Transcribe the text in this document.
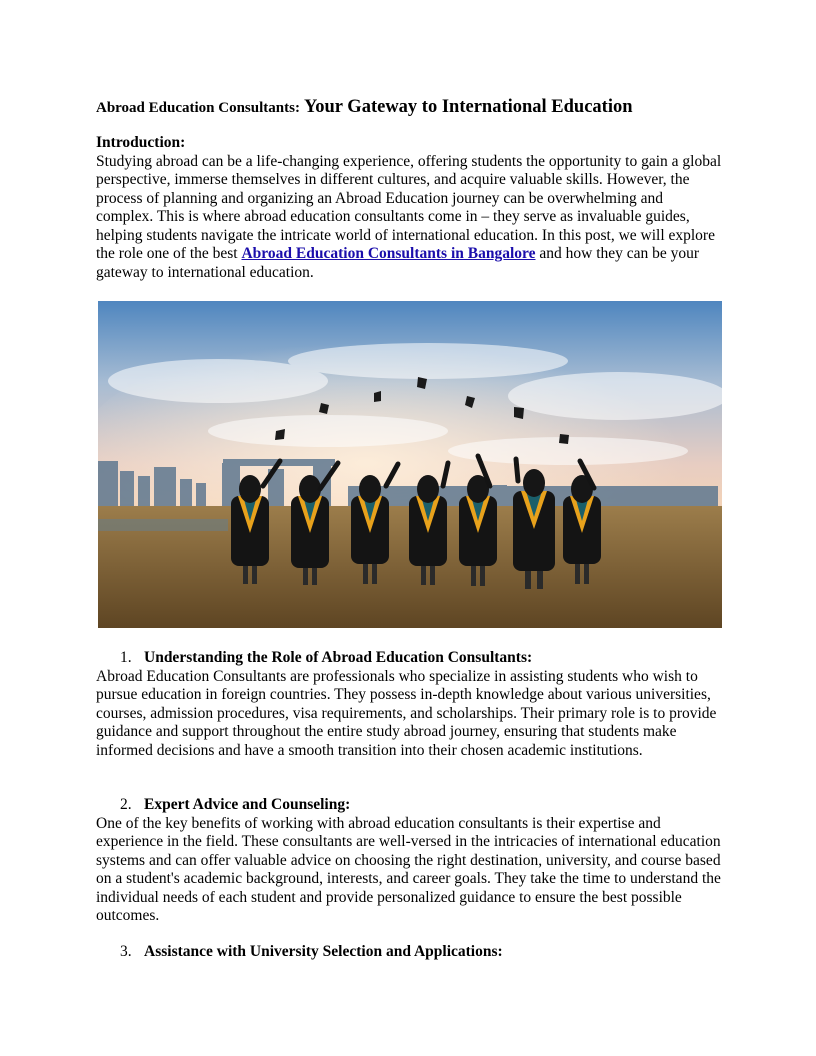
Abroad Education Consultants: Your Gateway to International Education

Introduction:

Studying abroad can be a life-changing experience, offering students the opportunity to gain a global perspective, immerse themselves in different cultures, and acquire valuable skills. However, the process of planning and organizing an Abroad Education journey can be overwhelming and complex. This is where abroad education consultants come in – they serve as invaluable guides, helping students navigate the intricate world of international education. In this post, we will explore the role one of the best Abroad Education Consultants in Bangalore and how they can be your gateway to international education.

1. Understanding the Role of Abroad Education Consultants:

Abroad Education Consultants are professionals who specialize in assisting students who wish to pursue education in foreign countries. They possess in-depth knowledge about various universities, courses, admission procedures, visa requirements, and scholarships. Their primary role is to provide guidance and support throughout the entire study abroad journey, ensuring that students make informed decisions and have a smooth transition into their chosen academic institutions.

2. Expert Advice and Counseling:

One of the key benefits of working with abroad education consultants is their expertise and experience in the field. These consultants are well-versed in the intricacies of international education systems and can offer valuable advice on choosing the right destination, university, and course based on a student's academic background, interests, and career goals. They take the time to understand the individual needs of each student and provide personalized guidance to ensure the best possible outcomes.

3. Assistance with University Selection and Applications:
